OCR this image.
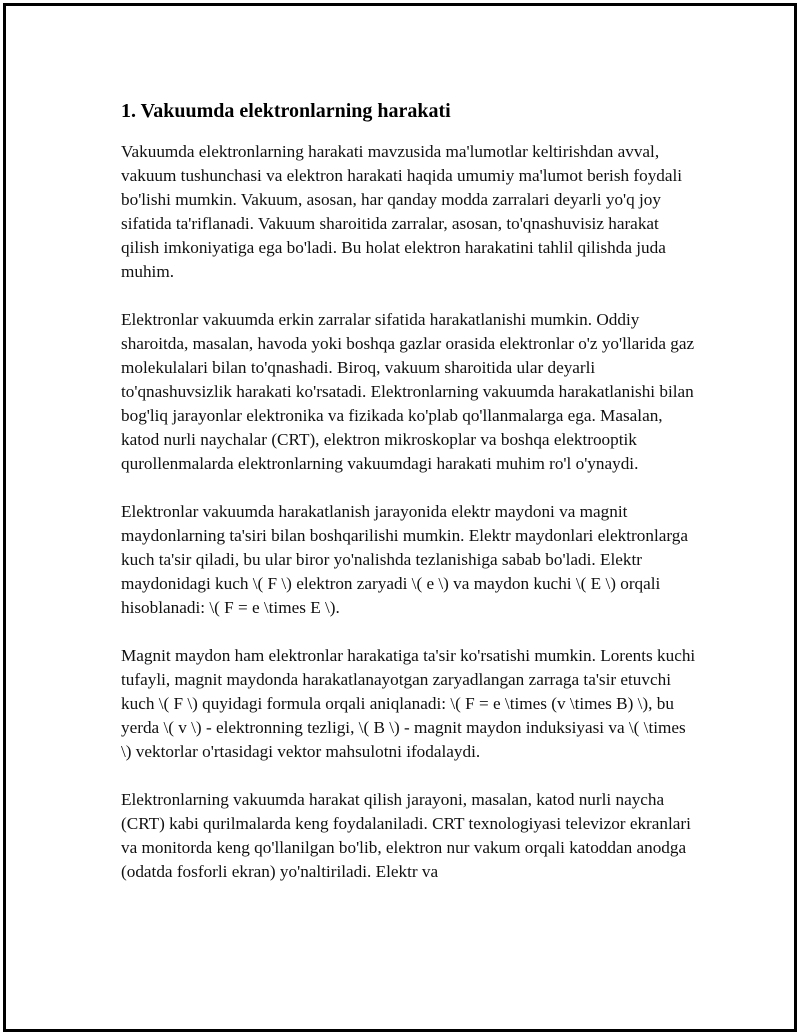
1. Vakuumda elektronlarning harakati

Vakuumda elektronlarning harakati mavzusida ma'lumotlar keltirishdan avval, vakuum tushunchasi va elektron harakati haqida umumiy ma'lumot berish foydali bo'lishi mumkin. Vakuum, asosan, har qanday modda zarralari deyarli yo'q joy sifatida ta'riflanadi. Vakuum sharoitida zarralar, asosan, to'qnashuvisiz harakat qilish imkoniyatiga ega bo'ladi. Bu holat elektron harakatini tahlil qilishda juda muhim.

Elektronlar vakuumda erkin zarralar sifatida harakatlanishi mumkin. Oddiy sharoitda, masalan, havoda yoki boshqa gazlar orasida elektronlar o'z yo'llarida gaz molekulalari bilan to'qnashadi. Biroq, vakuum sharoitida ular deyarli to'qnashuvsizlik harakati ko'rsatadi. Elektronlarning vakuumda harakatlanishi bilan bog'liq jarayonlar elektronika va fizikada ko'plab qo'llanmalarga ega. Masalan, katod nurli naychalar (CRT), elektron mikroskoplar va boshqa elektrooptik qurollenmalarda elektronlarning vakuumdagi harakati muhim ro'l o'ynaydi.

Elektronlar vakuumda harakatlanish jarayonida elektr maydoni va magnit maydonlarning ta'siri bilan boshqarilishi mumkin. Elektr maydonlari elektronlarga kuch ta'sir qiladi, bu ular biror yo'nalishda tezlanishiga sabab bo'ladi. Elektr maydonidagi kuch \( F \) elektron zaryadi \( e \) va maydon kuchi \( E \) orqali hisoblanadi: \( F = e \times E \).

Magnit maydon ham elektronlar harakatiga ta'sir ko'rsatishi mumkin. Lorents kuchi tufayli, magnit maydonda harakatlanayotgan zaryadlangan zarraga ta'sir etuvchi kuch \( F \) quyidagi formula orqali aniqlanadi: \( F = e \times (v \times B) \), bu yerda \( v \) - elektronning tezligi, \( B \) - magnit maydon induksiyasi va \( \times \) vektorlar o'rtasidagi vektor mahsulotni ifodalaydi.

Elektronlarning vakuumda harakat qilish jarayoni, masalan, katod nurli naycha (CRT) kabi qurilmalarda keng foydalaniladi. CRT texnologiyasi televizor ekranlari va monitorda keng qo'llanilgan bo'lib, elektron nur vakum orqali katoddan anodga (odatda fosforli ekran) yo'naltiriladi. Elektr va
